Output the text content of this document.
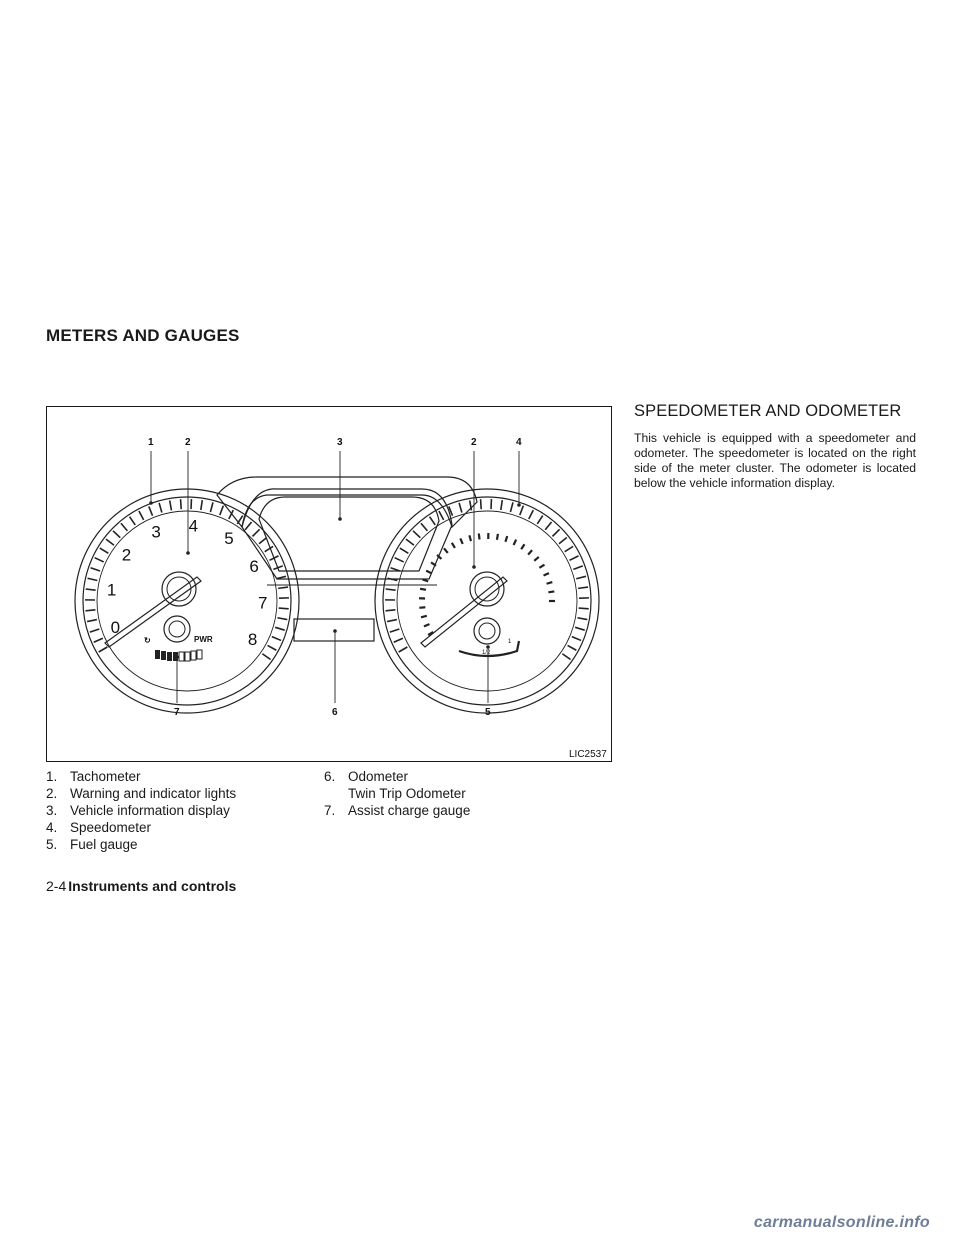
METERS AND GAUGES
0
1
2
3 4
5
6
7
8
PWR
↻
1/2
1
1	2	3	2	4
7	6	5
LIC2537
1. Tachometer
2. Warning and indicator lights
3. Vehicle information display
4. Speedometer
5. Fuel gauge
6. Odometer
Twin Trip Odometer
7. Assist charge gauge
SPEEDOMETER AND ODOMETER

This vehicle is equipped with a speedometer and odometer. The speedometer is located on the right side of the meter cluster. The odometer is located below the vehicle information display.

2-4 Instruments and controls
carmanualsonline.info
